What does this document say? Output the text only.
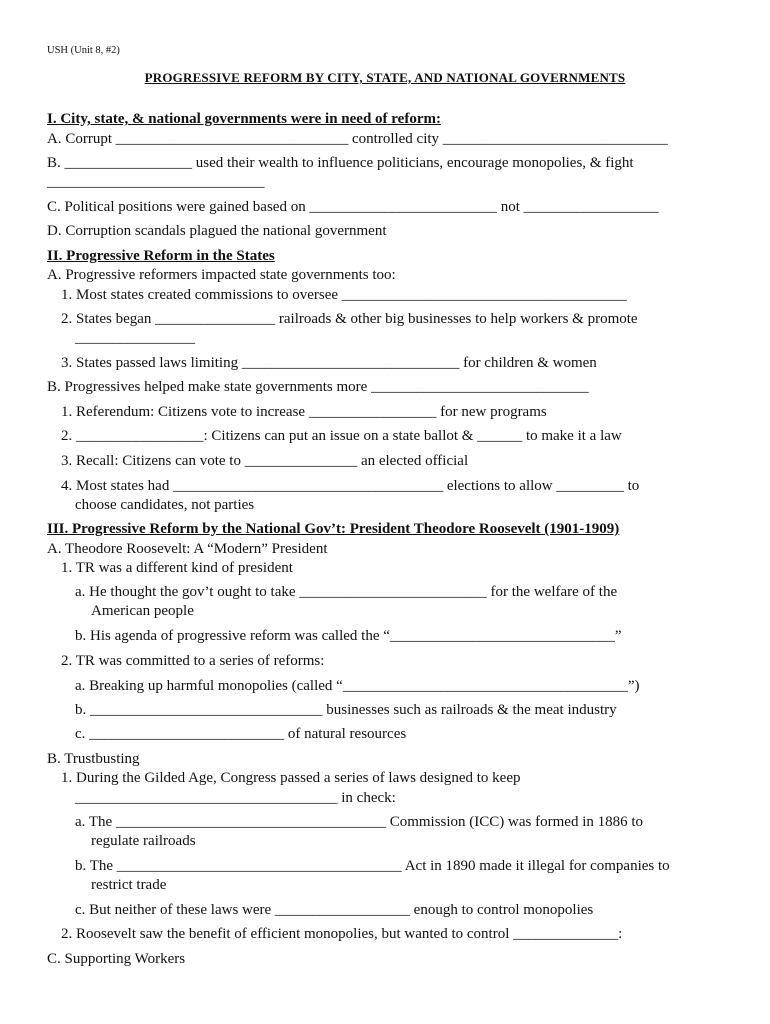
USH (Unit 8, #2)
PROGRESSIVE REFORM BY CITY, STATE, AND NATIONAL GOVERNMENTS
I. City, state, & national governments were in need of reform:
A. Corrupt _______________________________ controlled city ______________________________
B. _________________ used their wealth to influence politicians, encourage monopolies, & fight
_____________________________
C. Political positions were gained based on _________________________ not __________________
D. Corruption scandals plagued the national government
II. Progressive Reform in the States
A. Progressive reformers impacted state governments too:
1. Most states created commissions to oversee ______________________________________
2. States began ________________ railroads & other big businesses to help workers & promote
________________
3. States passed laws limiting _____________________________ for children & women
B. Progressives helped make state governments more _____________________________
1. Referendum: Citizens vote to increase _________________ for new programs
2. _________________: Citizens can put an issue on a state ballot & ______ to make it a law
3. Recall: Citizens can vote to _______________ an elected official
4. Most states had ____________________________________ elections to allow _________ to
choose candidates, not parties
III. Progressive Reform by the National Gov’t: President Theodore Roosevelt (1901-1909)
A. Theodore Roosevelt: A “Modern” President
1. TR was a different kind of president
a. He thought the gov’t ought to take _________________________ for the welfare of the
American people
b. His agenda of progressive reform was called the “______________________________”
2. TR was committed to a series of reforms:
a. Breaking up harmful monopolies (called “______________________________________”)
b. _______________________________ businesses such as railroads & the meat industry
c. __________________________ of natural resources
B. Trustbusting
1. During the Gilded Age, Congress passed a series of laws designed to keep
___________________________________ in check:
a. The ____________________________________ Commission (ICC) was formed in 1886 to
regulate railroads
b. The ______________________________________ Act in 1890 made it illegal for companies to
restrict trade
c. But neither of these laws were __________________ enough to control monopolies
2. Roosevelt saw the benefit of efficient monopolies, but wanted to control ______________:
C. Supporting Workers
